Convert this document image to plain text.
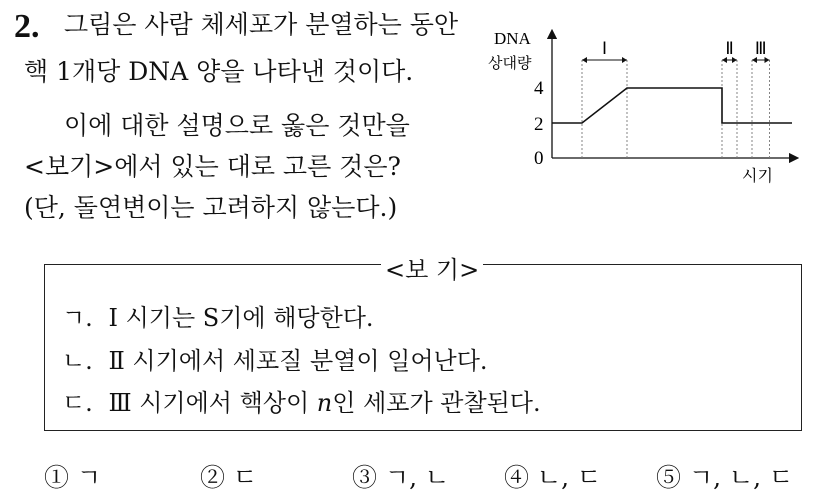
2. 그림은 사람 체세포가 분열하는 동안
핵 1개당 DNA 양을 나타낸 것이다.
이에 대한 설명으로 옳은 것만을
<보기>에서 있는 대로 고른 것은?
(단, 돌연변이는 고려하지 않는다.)
DNA
상대량
시기
4
2
0
Ⅰ	Ⅱ Ⅲ
<보 기>
ㄱ. Ⅰ 시기는 S기에 해당한다.
ㄴ. Ⅱ 시기에서 세포질 분열이 일어난다.
ㄷ. Ⅲ 시기에서 핵상이 n인 세포가 관찰된다.
① ㄱ	② ㄷ	③ ㄱ, ㄴ ④ ㄴ, ㄷ ⑤ ㄱ, ㄴ, ㄷ
